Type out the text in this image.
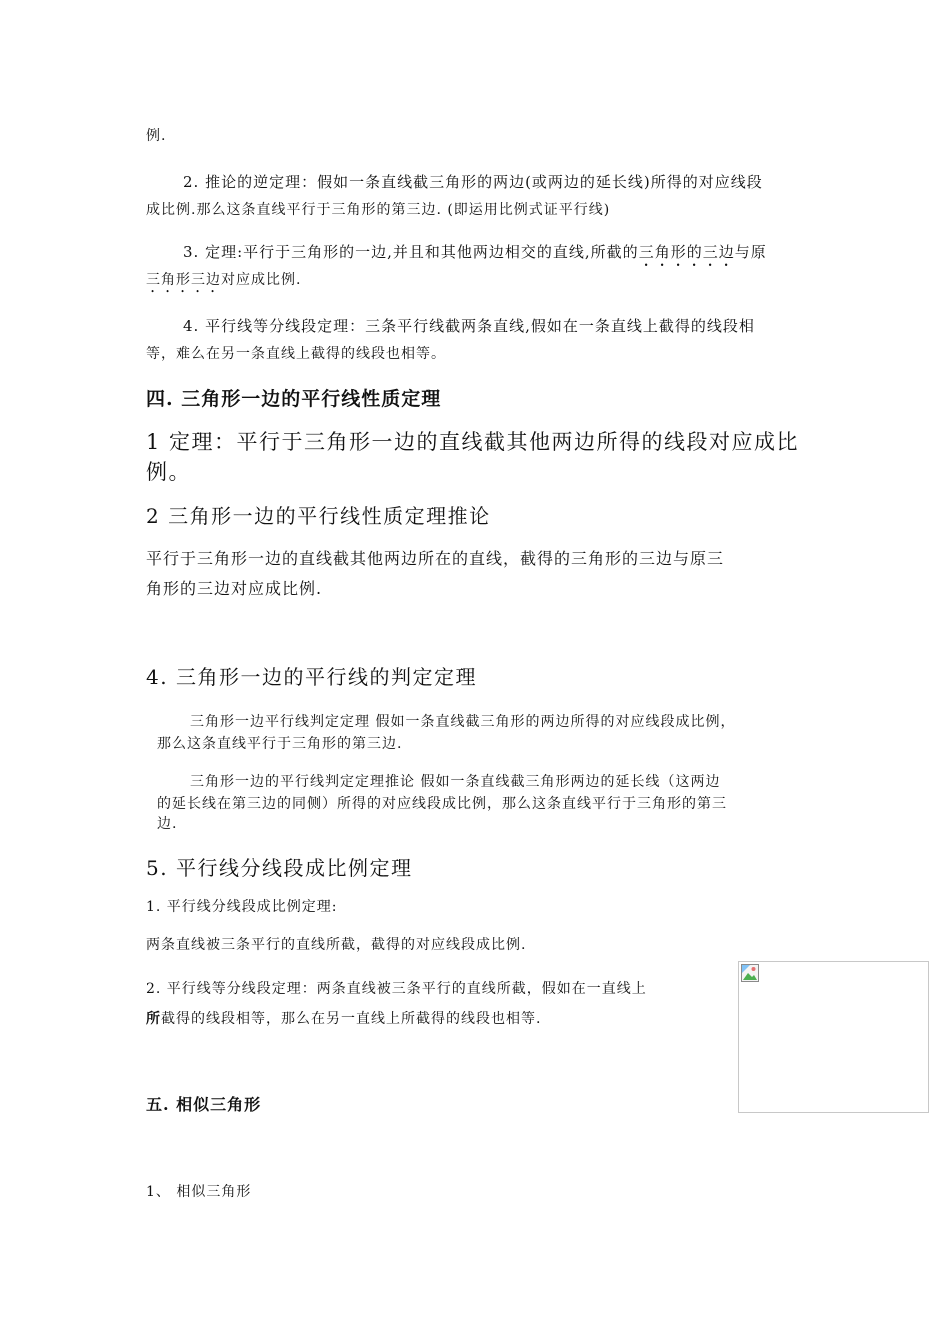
例.

2. 推论的逆定理：假如一条直线截三角形的两边(或两边的延长线)所得的对应线段

成比例.那么这条直线平行于三角形的第三边. (即运用比例式证平行线)

3. 定理:平行于三角形的一边,并且和其他两边相交的直线,所截的三角形的三边与原

三角形三边对应成比例.

4. 平行线等分线段定理：三条平行线截两条直线,假如在一条直线上截得的线段相

等，难么在另一条直线上截得的线段也相等。

四. 三角形一边的平行线性质定理

1 定理：平行于三角形一边的直线截其他两边所得的线段对应成比

例。

2 三角形一边的平行线性质定理推论

平行于三角形一边的直线截其他两边所在的直线，截得的三角形的三边与原三

角形的三边对应成比例.

4. 三角形一边的平行线的判定定理

三角形一边平行线判定定理 假如一条直线截三角形的两边所得的对应线段成比例，

那么这条直线平行于三角形的第三边.

三角形一边的平行线判定定理推论 假如一条直线截三角形两边的延长线（这两边

的延长线在第三边的同侧）所得的对应线段成比例，那么这条直线平行于三角形的第三

边.

5. 平行线分线段成比例定理

1. 平行线分线段成比例定理:

两条直线被三条平行的直线所截，截得的对应线段成比例.

2. 平行线等分线段定理：两条直线被三条平行的直线所截，假如在一直线上

所截得的线段相等，那么在另一直线上所截得的线段也相等.

五. 相似三角形

1、 相似三角形
